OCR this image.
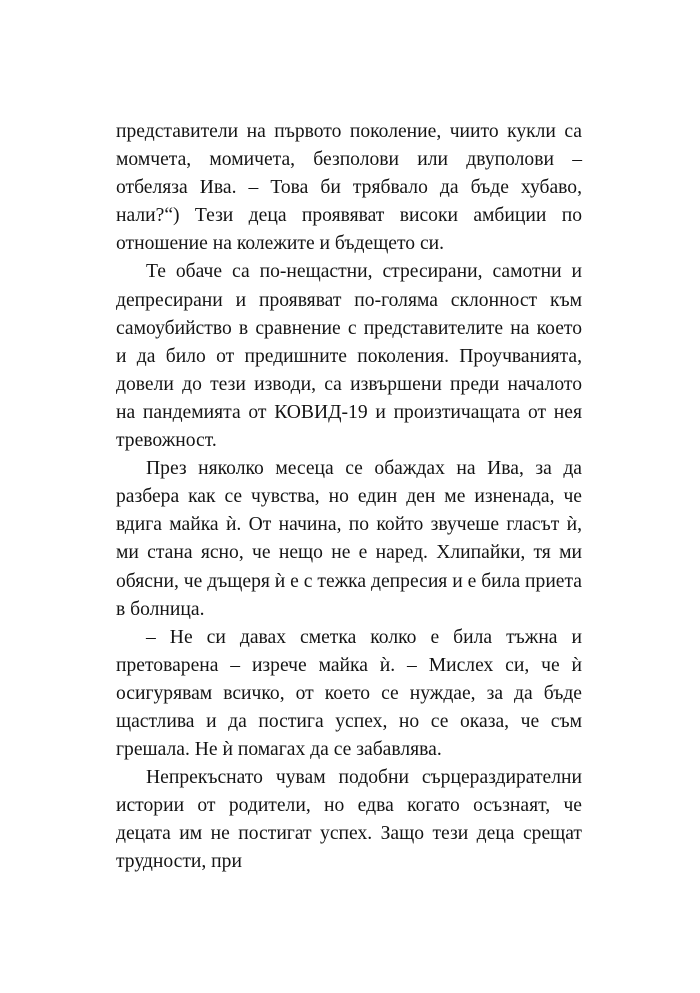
представители на първото поколение, чиито кукли са момчета, момичета, безполови или двуполови – отбеляза Ива. – Това би трябвало да бъде хубаво, нали?“) Тези деца проявяват високи амбиции по отношение на колежите и бъдещето си.

Те обаче са по-нещастни, стресирани, самотни и депресирани и проявяват по-голяма склонност към самоубийство в сравнение с представителите на което и да било от предишните поколения. Проучванията, довели до тези изводи, са извършени преди началото на пандемията от КОВИД-19 и произтичащата от нея тревожност.

През няколко месеца се обаждах на Ива, за да разбера как се чувства, но един ден ме изненада, че вдига майка ѝ. От начина, по който звучеше гласът ѝ, ми стана ясно, че нещо не е наред. Хлипайки, тя ми обясни, че дъщеря ѝ е с тежка депресия и е била приета в болница.

– Не си давах сметка колко е била тъжна и претоварена – изрече майка ѝ. – Мислех си, че ѝ осигурявам всичко, от което се нуждае, за да бъде щастлива и да постига успех, но се оказа, че съм грешала. Не ѝ помагах да се забавлява.

Непрекъснато чувам подобни сърцераздирателни истории от родители, но едва когато осъзнаят, че децата им не постигат успех. Защо тези деца срещат трудности, при
